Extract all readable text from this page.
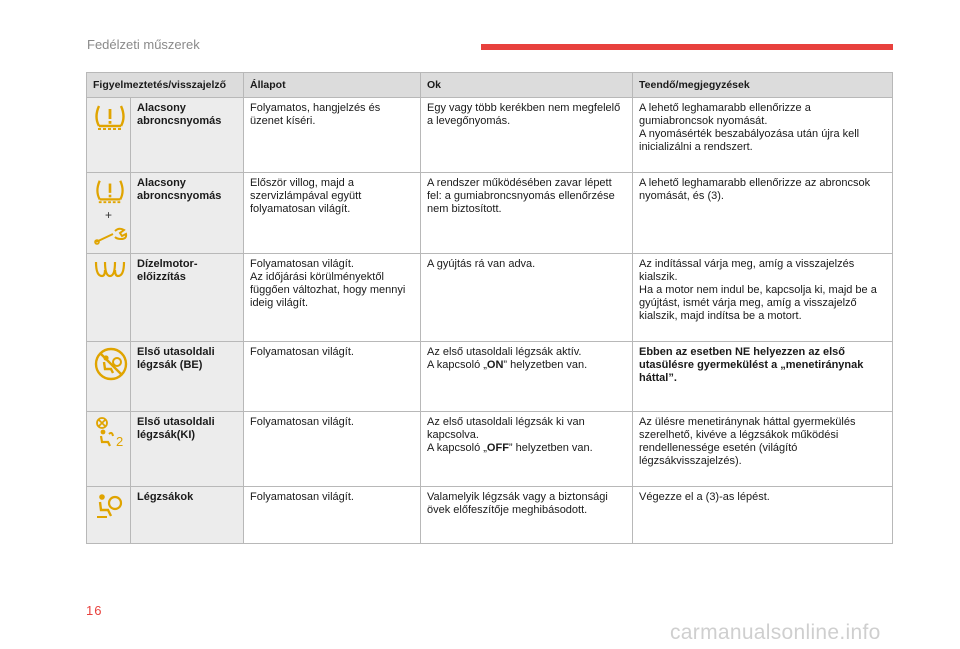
Fedélzeti műszerek
Figyelmeztetés/visszajelző		Állapot	Ok	Teendő/megjegyzések

	Alacsony abroncsnyomás	Folyamatos, hangjelzés és üzenet kíséri.	Egy vagy több kerékben nem megfelelő a levegőnyomás.	A lehető leghamarabb ellenőrizze a gumiabroncsok nyomását.
A nyomásérték beszabályozása után újra kell inicializálni a rendszert.

+	Alacsony abroncsnyomás	Először villog, majd a szervizlámpával együtt folyamatosan világít.	A rendszer működésében zavar lépett fel: a gumiabroncsnyomás ellenőrzése nem biztosított.	A lehető leghamarabb ellenőrizze az abroncsok nyomását, és (3).

	Dízelmotor-előizzítás	Folyamatosan világít.
Az időjárási körülményektől függően változhat, hogy mennyi ideig világít.	A gyújtás rá van adva.	Az indítással várja meg, amíg a visszajelzés kialszik.
Ha a motor nem indul be, kapcsolja ki, majd be a gyújtást, ismét várja meg, amíg a visszajelző kialszik, majd indítsa be a motort.

	Első utasoldali légzsák (BE)	Folyamatosan világít.	Az első utasoldali légzsák aktív.
A kapcsoló „ON” helyzetben van.	Ebben az esetben NE helyezzen az első utasülésre gyermekülést a „menetiránynak háttal”.

2	Első utasoldali légzsák(KI)	Folyamatosan világít.	Az első utasoldali légzsák ki van kapcsolva.
A kapcsoló „OFF” helyzetben van.	Az ülésre menetiránynak háttal gyermekülés szerelhető, kivéve a légzsákok működési rendellenessége esetén (világító légzsákvisszajelzés).

	Légzsákok	Folyamatosan világít.	Valamelyik légzsák vagy a biztonsági övek előfeszítője meghibásodott.	Végezze el a (3)-as lépést.
16
carmanualsonline.info
